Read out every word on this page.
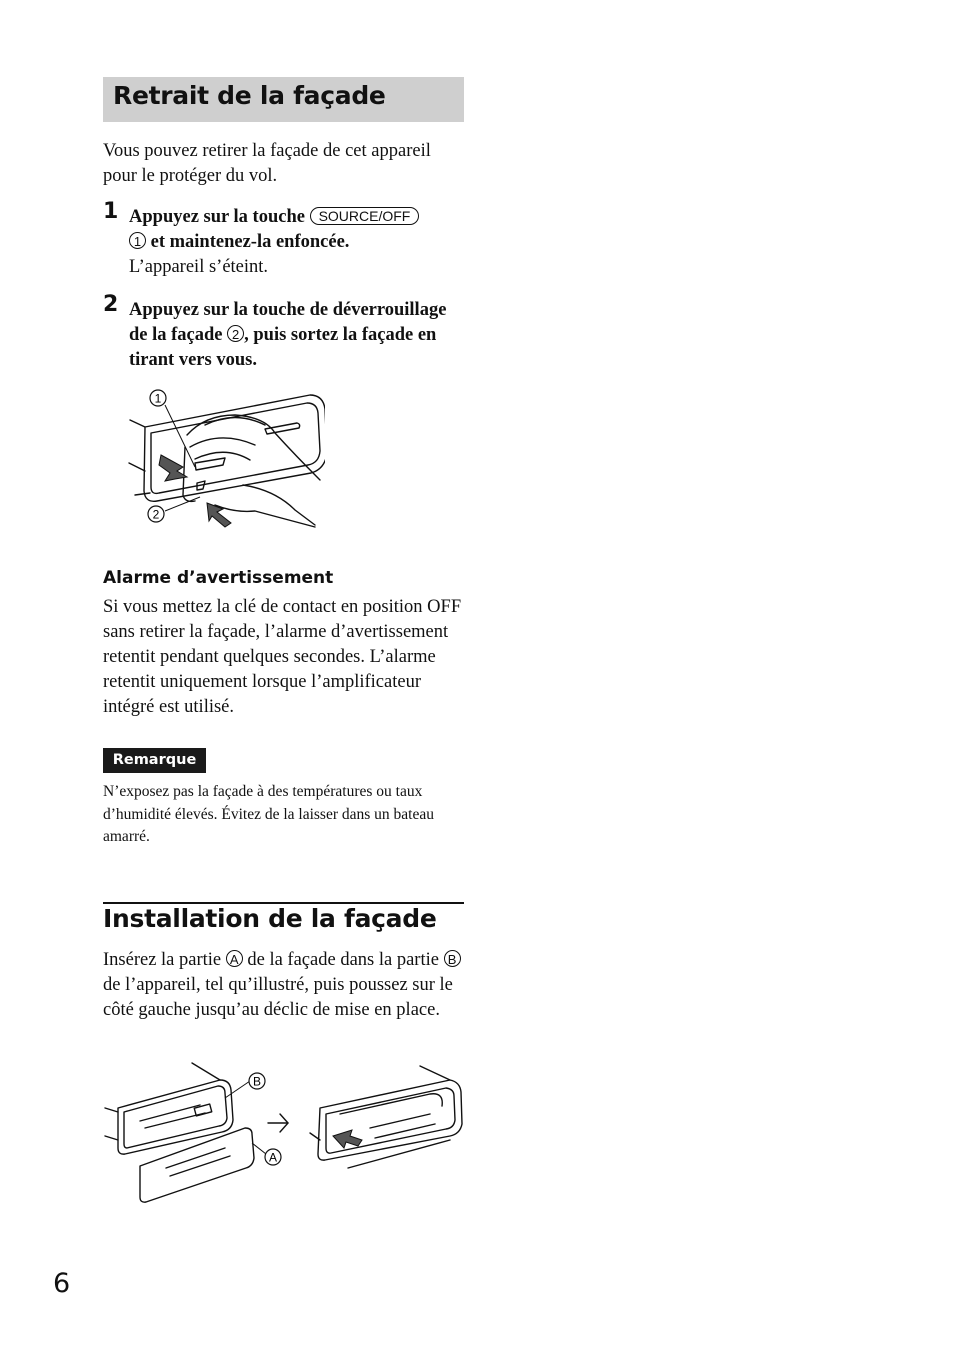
Retrait de la façade
Vous pouvez retirer la façade de cet appareil pour le protéger du vol.
1 Appuyez sur la touche SOURCE/OFF
1 et maintenez-la enfoncée.
L’appareil s’éteint.
2 Appuyez sur la touche de déverrouillage de la façade 2 , puis sortez la façade en tirant vers vous.
1
2
Alarme d’avertissement
Si vous mettez la clé de contact en position OFF sans retirer la façade, l’alarme d’avertissement retentit pendant quelques secondes. L’alarme retentit uniquement lorsque l’amplificateur intégré est utilisé.
Remarque
N’exposez pas la façade à des températures ou taux d’humidité élevés. Évitez de la laisser dans un bateau amarré.
Installation de la façade
Insérez la partie A de la façade dans la partie B de l’appareil, tel qu’illustré, puis poussez sur le côté gauche jusqu’au déclic de mise en place.
B
A
6
